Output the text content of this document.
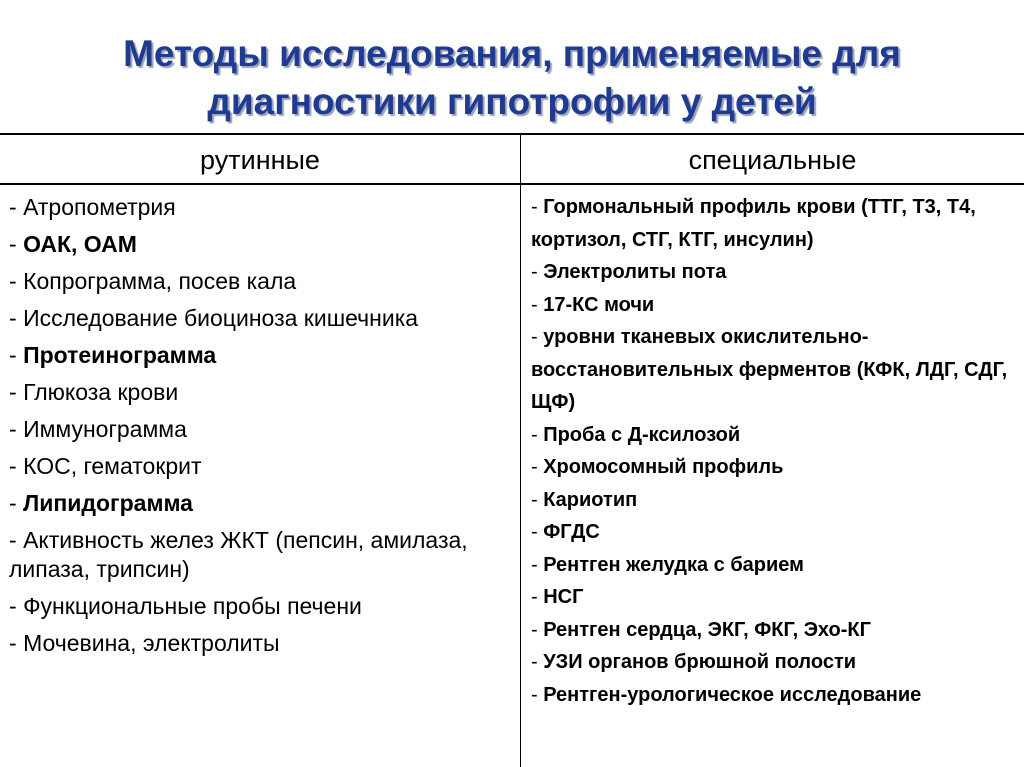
Методы исследования, применяемые для
диагностики гипотрофии у детей
рутинные	специальные
- Атропометрия
- ОАК, ОАМ
- Копрограмма, посев кала
- Исследование биоциноза кишечника
- Протеинограмма
- Глюкоза крови
- Иммунограмма
- КОС, гематокрит
- Липидограмма
- Активность желез ЖКТ (пепсин, амилаза, липаза, трипсин)
- Функциональные пробы печени
- Мочевина, электролиты
- Гормональный профиль крови (ТТГ, Т3, Т4, кортизол, СТГ, КТГ, инсулин)
- Электролиты пота
- 17-КС мочи
- уровни тканевых окислительно-восстановительных ферментов (КФК, ЛДГ, СДГ, ЩФ)
- Проба с Д-ксилозой
- Хромосомный профиль
- Кариотип
- ФГДС
- Рентген желудка с барием
- НСГ
- Рентген сердца, ЭКГ, ФКГ, Эхо-КГ
- УЗИ органов брюшной полости
- Рентген-урологическое исследование
